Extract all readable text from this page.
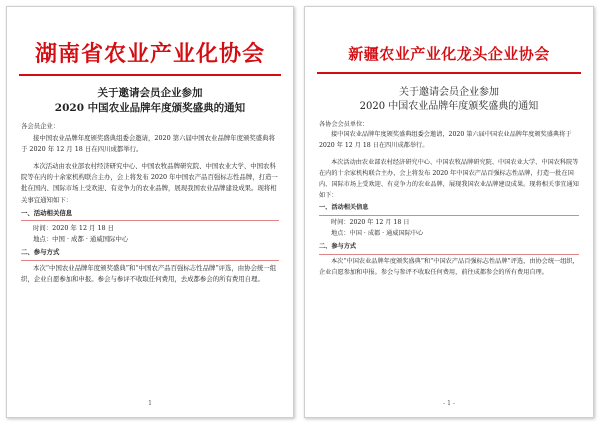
湖南省农业产业化协会
关于邀请会员企业参加
2020 中国农业品牌年度颁奖盛典的通知

各会员企业：

接中国农业品牌年度颁奖盛典组委会邀请，2020 第六届中国农业品牌年度颁奖盛典将于 2020 年 12 月 18 日在四川成都举行。

本次活动由农业部农村经济研究中心、中国农牧品牌研究院、中国农业大学、中国农科院等在内的十余家机构联合主办，会上将发布 2020 年中国农产品百强标志性品牌，打造一批在国内、国际市场上受欢迎、有竞争力的农业品牌，展现我国农业品牌建设成果。现将相关事宜通知如下：

一、活动相关信息

时间：2020 年 12 月 18 日

地点：中国 · 成都 · 通威国际中心

二、参与方式

本次“中国农业品牌年度颁奖盛典”和“中国农产品百强标志性品牌”评选，由协会统一组织，企业自愿参加和申报。参会与参评不收取任何费用，去成都参会的所有费用自理。

1
新疆农业产业化龙头企业协会
关于邀请会员企业参加
2020 中国农业品牌年度颁奖盛典的通知

各协会会员单位：

接中国农业品牌年度颁奖盛典组委会邀请，2020 第六届中国农业品牌年度颁奖盛典将于 2020 年 12 月 18 日在四川成都举行。

本次活动由农业部农村经济研究中心、中国农牧品牌研究院、中国农业大学、中国农科院等在内的十余家机构联合主办，会上将发布 2020 年中国农产品百强标志性品牌，打造一批在国内、国际市场上受欢迎、有竞争力的农业品牌，展现我国农业品牌建设成果。现将相关事宜通知如下：

一、活动相关信息

时间：2020 年 12 月 18 日

地点：中国 · 成都 · 通威国际中心

二、参与方式

本次“中国农业品牌年度颁奖盛典”和“中国农产品百强标志性品牌”评选，由协会统一组织，企业自愿参加和申报。参会与参评不收取任何费用，前往成都参会的所有费用自理。

- 1 -
